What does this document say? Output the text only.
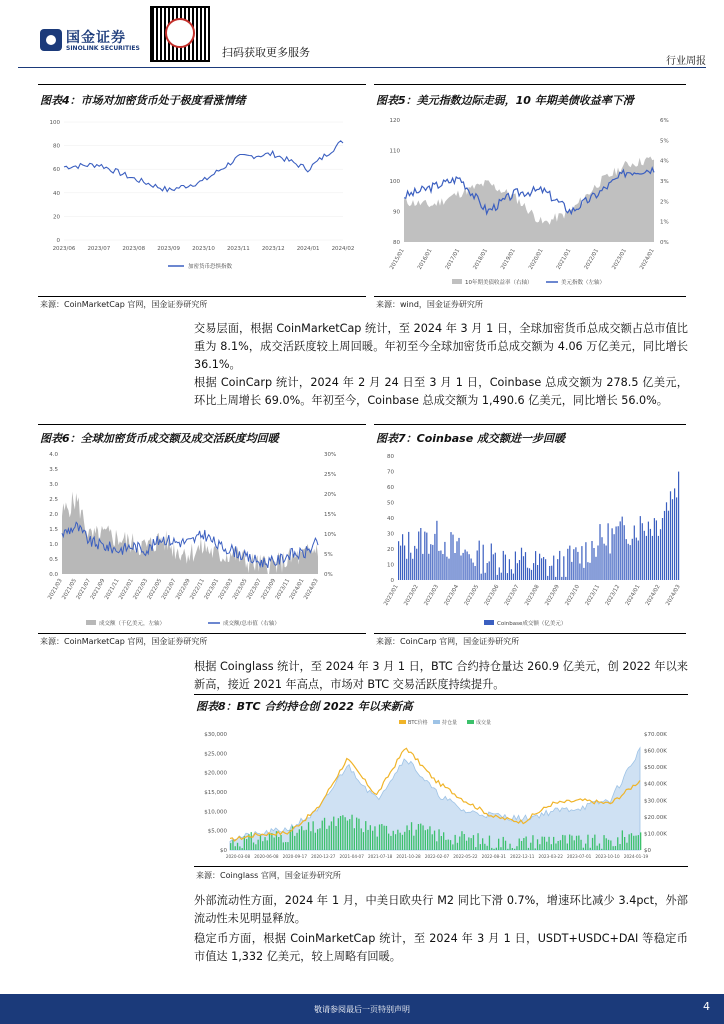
国金证券
SINOLINK SECURITIES	扫码获取更多服务
行业周报
图表4：市场对加密货币处于极度看涨情绪
100
80
60
40
20
0
2023/06 2023/07 2023/08 2023/09 2023/10 2023/11 2023/12 2024/01 2024/02
加密货币恐惧指数
来源：CoinMarketCap 官网，国金证券研究所
图表5：美元指数边际走弱，10 年期美债收益率下滑
120
110
100
90
80
6%
5%
4%
3%
2%
1%
0%
2015/01 2016/01 2017/01 2018/01 2019/01 2020/01 2021/01 2022/01 2023/01 2024/01
10年期美债收益率（右轴）	美元指数（左轴）
来源：wind，国金证券研究所
交易层面，根据 CoinMarketCap 统计，至 2024 年 3 月 1 日，全球加密货币总成交额占总市值比重为 8.1%，成交活跃度较上周回暖。年初至今全球加密货币总成交额为 4.06 万亿美元，同比增长 36.1%。
根据 CoinCarp 统计，2024 年 2 月 24 日至 3 月 1 日，Coinbase 总成交额为 278.5 亿美元，环比上周增长 69.0%。年初至今，Coinbase 总成交额为 1,490.6 亿美元，同比增长 56.0%。
图表6：全球加密货币成交额及成交活跃度均回暖
4.0
3.5
3.0
2.5
2.0
1.5
1.0
0.5
0.0
30%
25%
20%
15%
10%
5%
0%
2021/03
2021/05
2021/07
2021/09
2021/11
2022/01
2022/03
2022/05
2022/07
2022/09
2022/11
2023/01
2023/03
2023/05
2023/07
2023/09
2023/11
2024/01
2024/03
成交额（千亿美元，左轴）	成交额/总市值（右轴）
来源：CoinMarketCap 官网，国金证券研究所
图表7：Coinbase 成交额进一步回暖
80
70
60
50
40
30
20
10
0
2023/01 2023/02 2023/03 2023/04 2023/05 2023/06 2023/07 2023/08 2023/09 2023/10 2023/11 2023/12 2024/01 2024/02 2024/03
Coinbase成交额（亿美元）
来源：CoinCarp 官网，国金证券研究所
根据 Coinglass 统计，至 2024 年 3 月 1 日，BTC 合约持仓量达 260.9 亿美元，创 2022 年以来新高，接近 2021 年高点，市场对 BTC 交易活跃度持续提升。
图表8：BTC 合约持仓创 2022 年以来新高
BTC价格	持仓量	成交量
$30,000
$25,000
$20,000
$15,000
$10,000
$5,000
$0
$70.00K
$60.00K
$50.00K
$40.00K
$30.00K
$20.00K
$10.00K
$0
2020-03-08 2020-06-08 2020-09-17 2020-12-27 2021-04-07 2021-07-18 2021-10-28 2022-02-07 2022-05-22 2022-08-31 2022-12-11 2023-03-22 2023-07-01 2023-10-10 2024-01-19
来源：Coinglass 官网，国金证券研究所
外部流动性方面，2024 年 1 月，中美日欧央行 M2 同比下滑 0.7%，增速环比减少 3.4pct，外部流动性未见明显释放。
稳定币方面，根据 CoinMarketCap 统计，至 2024 年 3 月 1 日，USDT+USDC+DAI 等稳定币市值达 1,332 亿美元，较上周略有回暖。
敬请参阅最后一页特别声明	4
